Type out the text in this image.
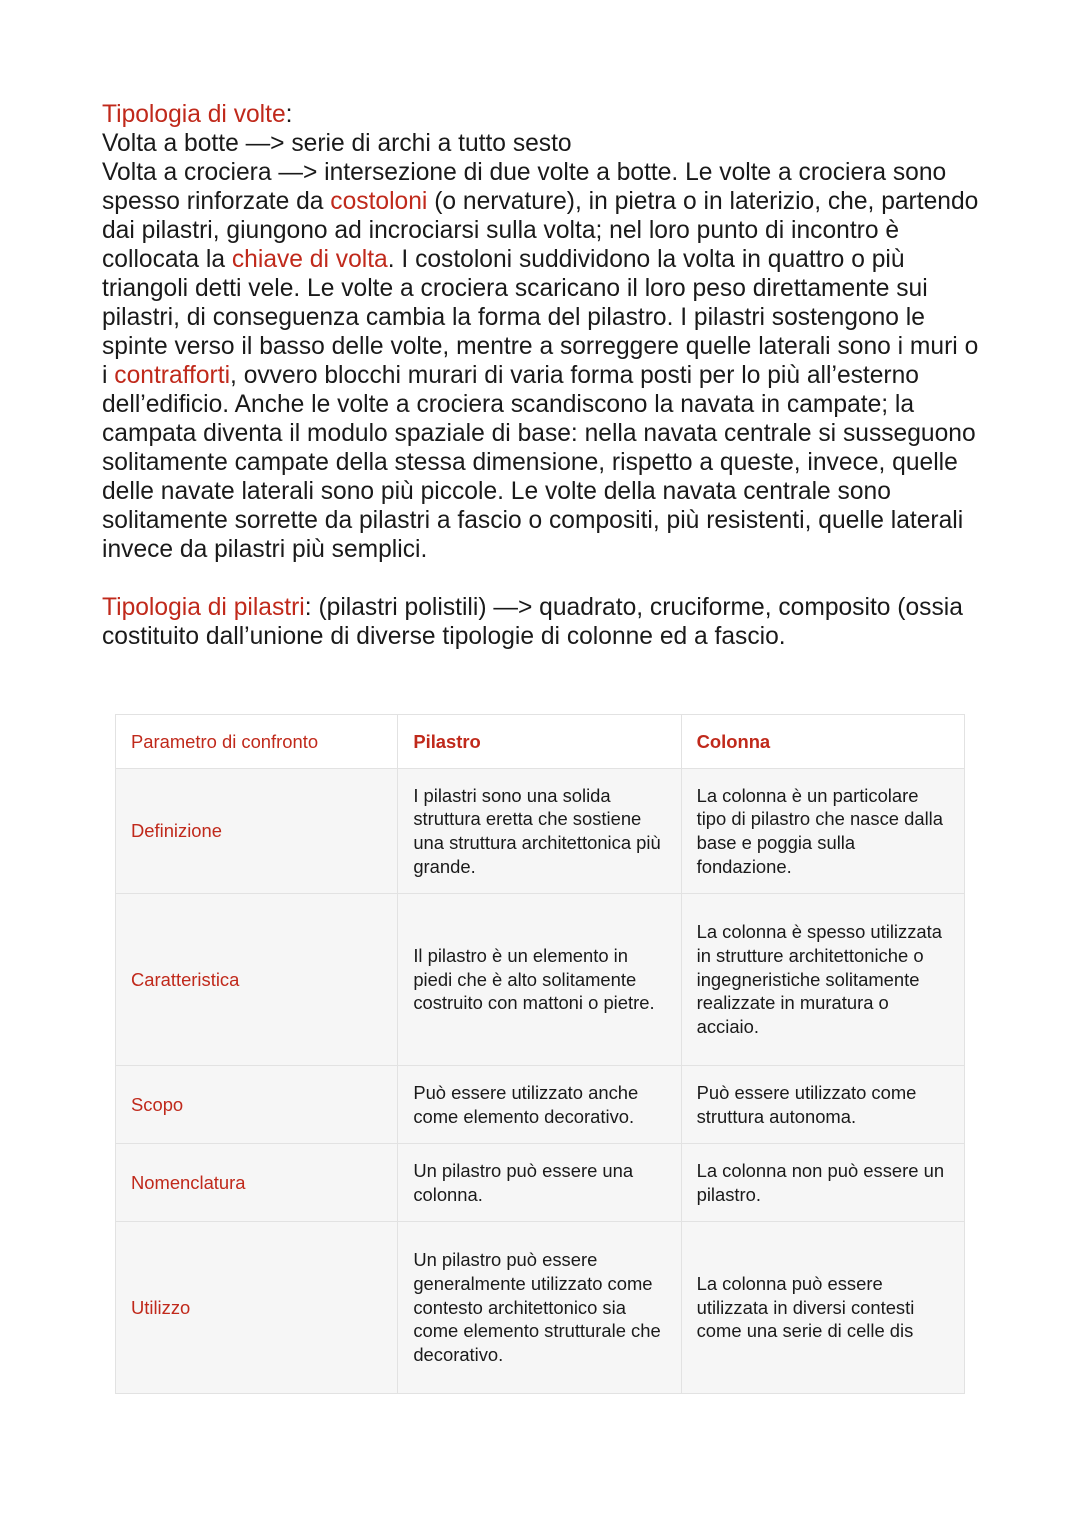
Tipologia di volte:
Volta a botte —> serie di archi a tutto sesto
Volta a crociera —> intersezione di due volte a botte. Le volte a crociera sono spesso rinforzate da costoloni (o nervature), in pietra o in laterizio, che, partendo dai pilastri, giungono ad incrociarsi sulla volta; nel loro punto di incontro è collocata la chiave di volta. I costoloni suddividono la volta in quattro o più triangoli detti vele. Le volte a crociera scaricano il loro peso direttamente sui pilastri, di conseguenza cambia la forma del pilastro. I pilastri sostengono le spinte verso il basso delle volte, mentre a sorreggere quelle laterali sono i muri o i contrafforti, ovvero blocchi murari di varia forma posti per lo più all’esterno dell’edificio. Anche le volte a crociera scandiscono la navata in campate; la campata diventa il modulo spaziale di base: nella navata centrale si susseguono solitamente campate della stessa dimensione, rispetto a queste, invece, quelle delle navate laterali sono più piccole. Le volte della navata centrale sono solitamente sorrette da pilastri a fascio o compositi, più resistenti, quelle laterali invece da pilastri più semplici.

Tipologia di pilastri: (pilastri polistili) —> quadrato, cruciforme, composito (ossia costituito dall’unione di diverse tipologie di colonne ed a fascio.

Parametro di confronto	Pilastro	Colonna
Definizione	I pilastri sono una solida struttura eretta che sostiene una struttura architettonica più grande.	La colonna è un particolare tipo di pilastro che nasce dalla base e poggia sulla fondazione.
Caratteristica	Il pilastro è un elemento in piedi che è alto solitamente costruito con mattoni o pietre.	La colonna è spesso utilizzata in strutture architettoniche o ingegneristiche solitamente realizzate in muratura o acciaio.
Scopo	Può essere utilizzato anche come elemento decorativo.	Può essere utilizzato come struttura autonoma.
Nomenclatura	Un pilastro può essere una colonna.	La colonna non può essere un pilastro.
Utilizzo	Un pilastro può essere generalmente utilizzato come contesto architettonico sia come elemento strutturale che decorativo.	La colonna può essere utilizzata in diversi contesti come una serie di celle dis
